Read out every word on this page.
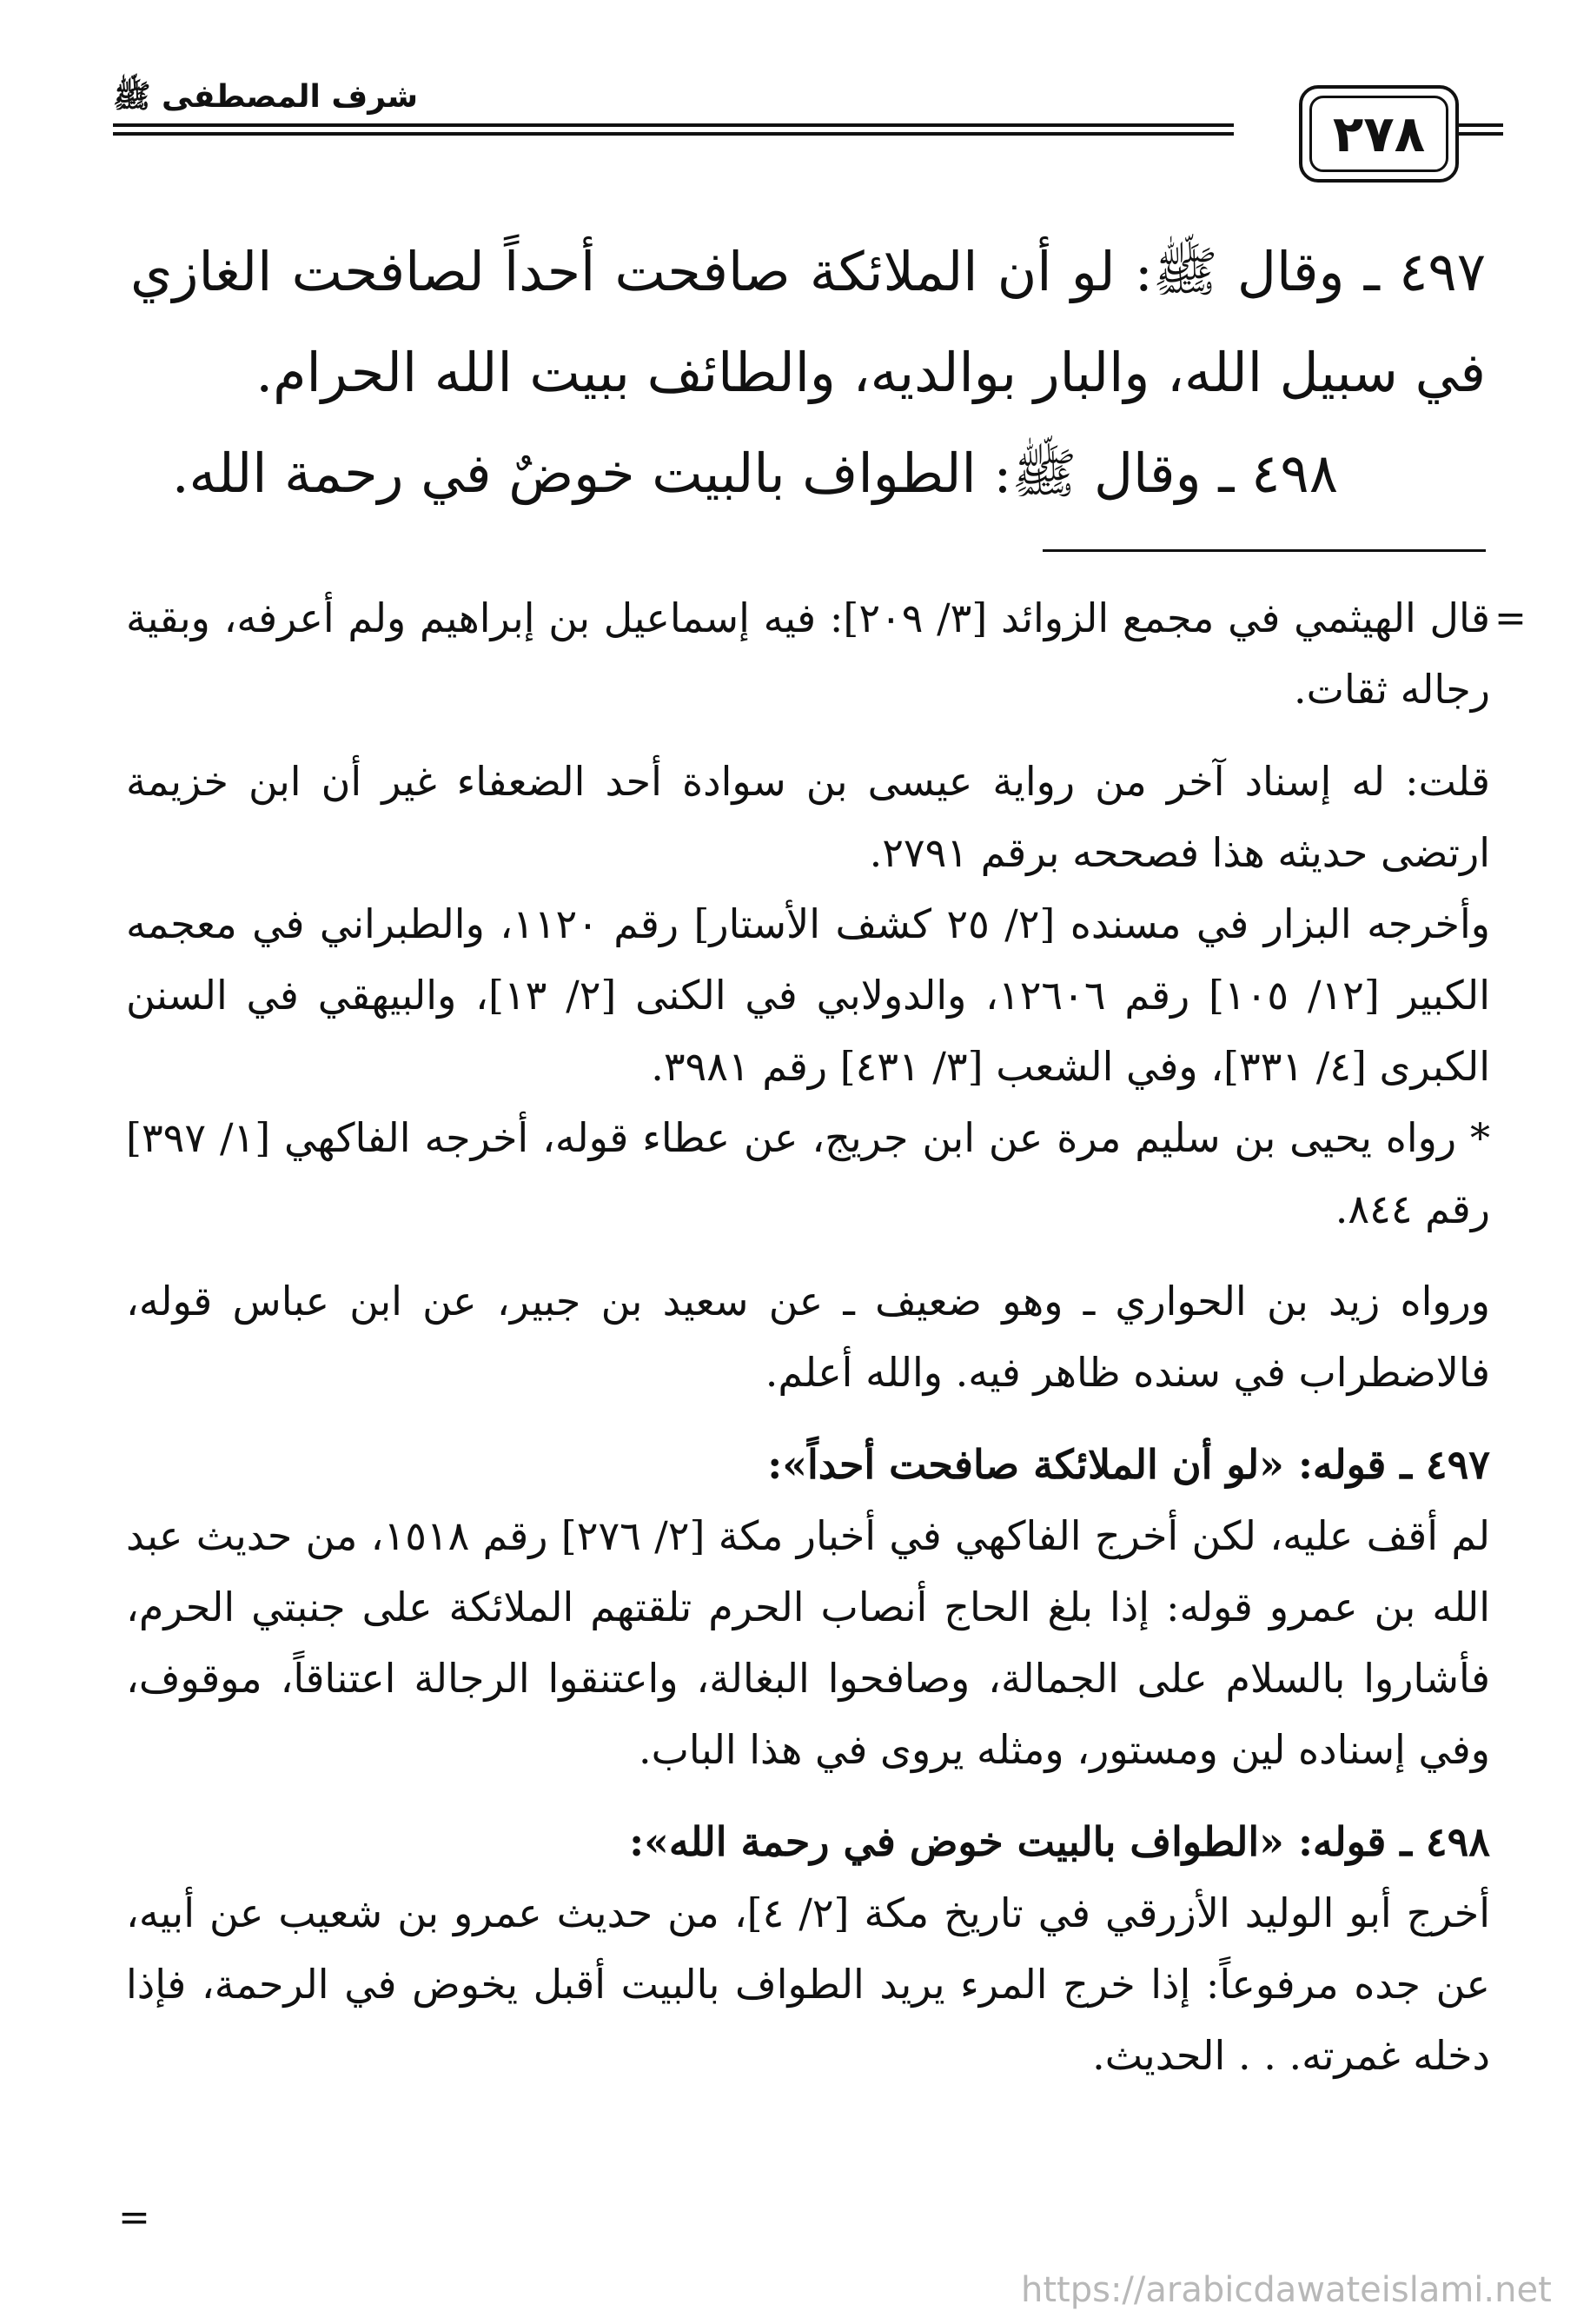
٢٧٨
شرف المصطفى ﷺ

٤٩٧ ـ وقال ﷺ: لو أن الملائكة صافحت أحداً لصافحت الغازي في سبيل الله، والبار بوالديه، والطائف ببيت الله الحرام.

٤٩٨ ـ وقال ﷺ: الطواف بالبيت خوضٌ في رحمة الله.

=

قال الهيثمي في مجمع الزوائد [٣/ ٢٠٩]: فيه إسماعيل بن إبراهيم ولم أعرفه، وبقية رجاله ثقات.

قلت: له إسناد آخر من رواية عيسى بن سوادة أحد الضعفاء غير أن ابن خزيمة ارتضى حديثه هذا فصححه برقم ٢٧٩١.

وأخرجه البزار في مسنده [٢/ ٢٥ كشف الأستار] رقم ١١٢٠، والطبراني في معجمه الكبير [١٢/ ١٠٥] رقم ١٢٦٠٦، والدولابي في الكنى [٢/ ١٣]، والبيهقي في السنن الكبرى [٤/ ٣٣١]، وفي الشعب [٣/ ٤٣١] رقم ٣٩٨١.

* رواه يحيى بن سليم مرة عن ابن جريج، عن عطاء قوله، أخرجه الفاكهي [١/ ٣٩٧] رقم ٨٤٤.

ورواه زيد بن الحواري ـ وهو ضعيف ـ عن سعيد بن جبير، عن ابن عباس قوله، فالاضطراب في سنده ظاهر فيه. والله أعلم.

٤٩٧ ـ قوله: «لو أن الملائكة صافحت أحداً»:

لم أقف عليه، لكن أخرج الفاكهي في أخبار مكة [٢/ ٢٧٦] رقم ١٥١٨، من حديث عبد الله بن عمرو قوله: إذا بلغ الحاج أنصاب الحرم تلقتهم الملائكة على جنبتي الحرم، فأشاروا بالسلام على الجمالة، وصافحوا البغالة، واعتنقوا الرجالة اعتناقاً، موقوف، وفي إسناده لين ومستور، ومثله يروى في هذا الباب.

٤٩٨ ـ قوله: «الطواف بالبيت خوض في رحمة الله»:

أخرج أبو الوليد الأزرقي في تاريخ مكة [٢/ ٤]، من حديث عمرو بن شعيب عن أبيه، عن جده مرفوعاً: إذا خرج المرء يريد الطواف بالبيت أقبل يخوض في الرحمة، فإذا دخله غمرته. . . الحديث.

=
https://arabicdawateislami.net
